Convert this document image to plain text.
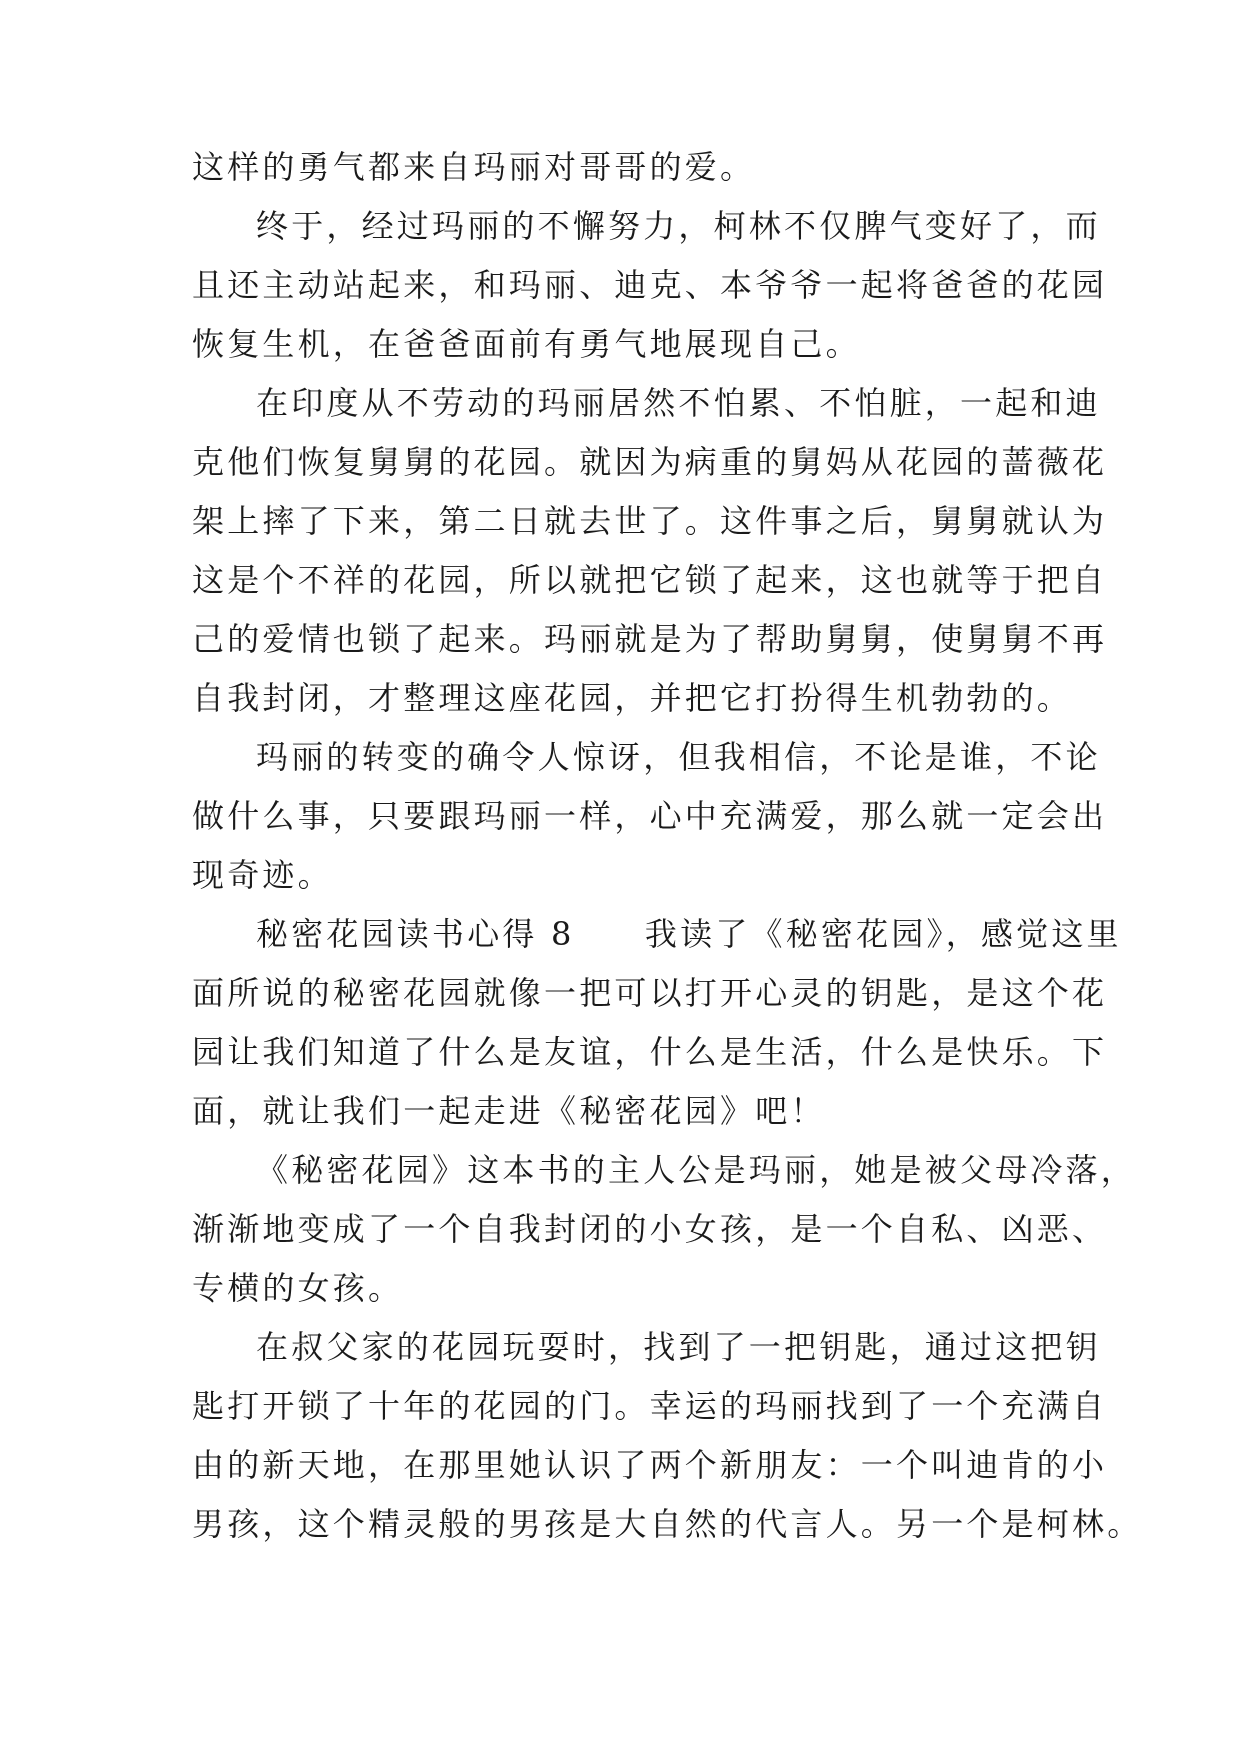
这样的勇气都来自玛丽对哥哥的爱。
终于，经过玛丽的不懈努力，柯林不仅脾气变好了，而
且还主动站起来，和玛丽、迪克、本爷爷一起将爸爸的花园
恢复生机，在爸爸面前有勇气地展现自己。
在印度从不劳动的玛丽居然不怕累、不怕脏，一起和迪
克他们恢复舅舅的花园。就因为病重的舅妈从花园的蔷薇花
架上摔了下来，第二日就去世了。这件事之后，舅舅就认为
这是个不祥的花园，所以就把它锁了起来，这也就等于把自
己的爱情也锁了起来。玛丽就是为了帮助舅舅，使舅舅不再
自我封闭，才整理这座花园，并把它打扮得生机勃勃的。
玛丽的转变的确令人惊讶，但我相信，不论是谁，不论
做什么事，只要跟玛丽一样，心中充满爱，那么就一定会出
现奇迹。
秘密花园读书心得 8　　我读了《秘密花园》，感觉这里
面所说的秘密花园就像一把可以打开心灵的钥匙，是这个花
园让我们知道了什么是友谊，什么是生活，什么是快乐。下
面，就让我们一起走进《秘密花园》吧！
《秘密花园》这本书的主人公是玛丽，她是被父母冷落，
渐渐地变成了一个自我封闭的小女孩，是一个自私、凶恶、
专横的女孩。
在叔父家的花园玩耍时，找到了一把钥匙，通过这把钥
匙打开锁了十年的花园的门。幸运的玛丽找到了一个充满自
由的新天地，在那里她认识了两个新朋友：一个叫迪肯的小
男孩，这个精灵般的男孩是大自然的代言人。另一个是柯林。
